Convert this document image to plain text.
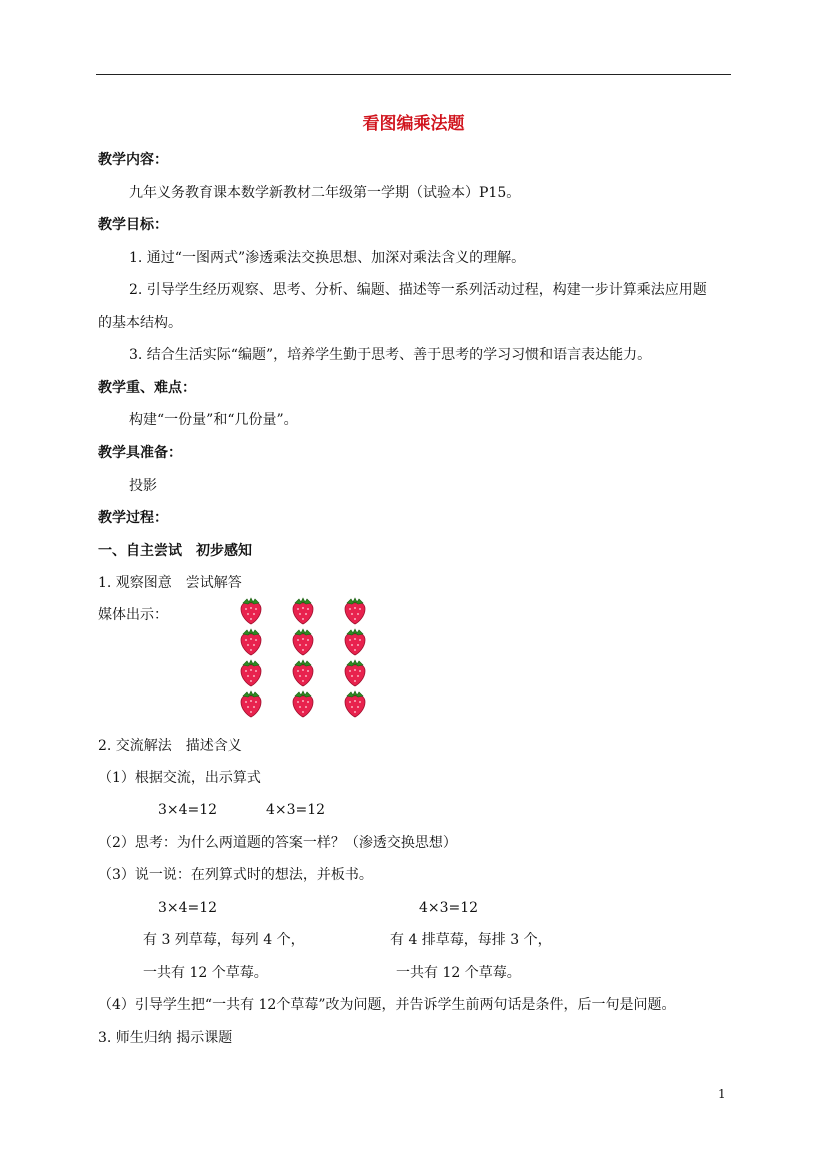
看图编乘法题
教学内容：
九年义务教育课本数学新教材二年级第一学期（试验本）P15。
教学目标：
1. 通过“一图两式”渗透乘法交换思想、加深对乘法含义的理解。
2. 引导学生经历观察、思考、分析、编题、描述等一系列活动过程，构建一步计算乘法应用题
的基本结构。
3. 结合生活实际“编题”，培养学生勤于思考、善于思考的学习习惯和语言表达能力。
教学重、难点：
构建“一份量”和“几份量”。
教学具准备：
投影
教学过程：
一、自主尝试　初步感知
1. 观察图意　尝试解答
媒体出示：
2. 交流解法　描述含义
（1）根据交流，出示算式
3×4=12	4×3=12
（2）思考：为什么两道题的答案一样？（渗透交换思想）
（3）说一说：在列算式时的想法，并板书。
3×4=12	4×3=12
有 3 列草莓，每列 4 个，	有 4 排草莓，每排 3 个，
一共有 12 个草莓。	一共有 12 个草莓。
（4）引导学生把“一共有 12个草莓”改为问题，并告诉学生前两句话是条件，后一句是问题。
3. 师生归纳 揭示课题
1
